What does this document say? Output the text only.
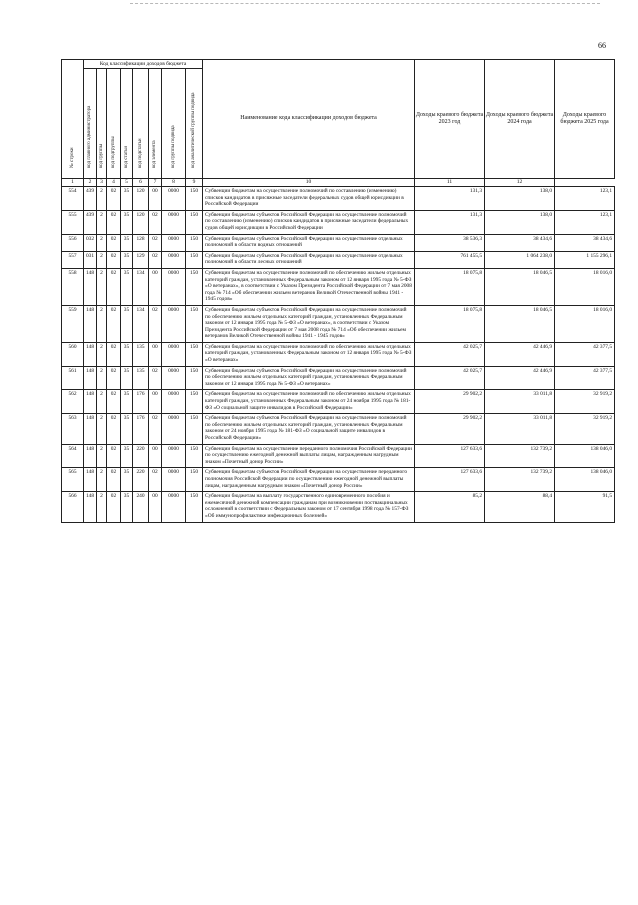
66
№ строки	Код классификации доходов бюджета								Наименование кода классификации доходов бюджета	Доходы краевого бюджета 2023 год	Доходы краевого бюджета 2024 года	Доходы краевого бюджета 2025 года

	код главного администратора	код группы	код подгруппы	код статьи	код подстатьи	код элемента	код группы подвида	код аналитической группы подвида				

1	2	3	4	5	6	7	8	9	10	11	12	
554	439	2	02	35	120	00	0000	150	Субвенции бюджетам на осуществление полномочий по составлению (изменению) списков кандидатов в присяжные заседатели федеральных судов общей юрисдикции в Российской Федерации	131,3	138,0	123,1
555	439	2	02	35	120	02	0000	150	Субвенции бюджетам субъектов Российской Федерации на осуществление полномочий по составлению (изменению) списков кандидатов в присяжные заседатели федеральных судов общей юрисдикции в Российской Федерации	131,3	138,0	123,1
556	032	2	02	35	128	02	0000	150	Субвенции бюджетам субъектов Российской Федерации на осуществление отдельных полномочий в области водных отношений	38 536,3	38 434,6	38 434,6
557	031	2	02	35	129	02	0000	150	Субвенции бюджетам субъектов Российской Федерации на осуществление отдельных полномочий в области лесных отношений	761 455,5	1 064 238,0	1 155 296,1
558	148	2	02	35	134	00	0000	150	Субвенции бюджетам на осуществление полномочий по обеспечению жильем отдельных категорий граждан, установленных Федеральным законом от 12 января 1995 года № 5-ФЗ «О ветеранах», в соответствии с Указом Президента Российской Федерации от 7 мая 2008 года № 714 «Об обеспечении жильем ветеранов Великой Отечественной войны 1941 - 1945 годов»	18 075,8	18 046,5	18 016,0
559	148	2	02	35	134	02	0000	150	Субвенции бюджетам субъектов Российской Федерации на осуществление полномочий по обеспечению жильем отдельных категорий граждан, установленных Федеральным законом от 12 января 1995 года № 5-ФЗ «О ветеранах», в соответствии с Указом Президента Российской Федерации от 7 мая 2008 года № 714 «Об обеспечении жильем ветеранов Великой Отечественной войны 1941 - 1945 годов»	18 075,8	18 046,5	18 016,0
560	148	2	02	35	135	00	0000	150	Субвенции бюджетам на осуществление полномочий по обеспечению жильем отдельных категорий граждан, установленных Федеральным законом от 12 января 1995 года № 5-ФЗ «О ветеранах»	42 025,7	42 446,9	42 377,5
561	148	2	02	35	135	02	0000	150	Субвенции бюджетам субъектов Российской Федерации на осуществление полномочий по обеспечению жильем отдельных категорий граждан, установленных Федеральным законом от 12 января 1995 года № 5-ФЗ «О ветеранах»	42 025,7	42 446,9	42 377,5
562	148	2	02	35	176	00	0000	150	Субвенции бюджетам на осуществление полномочий по обеспечению жильем отдельных категорий граждан, установленных Федеральным законом от 24 ноября 1995 года № 181-ФЗ «О социальной защите инвалидов в Российской Федерации»	29 902,2	33 011,8	32 919,2
563	148	2	02	35	176	02	0000	150	Субвенции бюджетам субъектов Российской Федерации на осуществление полномочий по обеспечению жильем отдельных категорий граждан, установленных Федеральным законом от 24 ноября 1995 года № 181-ФЗ «О социальной защите инвалидов в Российской Федерации»	29 902,2	33 011,8	32 919,2
564	148	2	02	35	220	00	0000	150	Субвенции бюджетам на осуществление переданного полномочия Российской Федерации по осуществлению ежегодной денежной выплаты лицам, награжденным нагрудным знаком «Почетный донор России»	127 633,6	132 739,2	138 046,0
565	148	2	02	35	220	02	0000	150	Субвенции бюджетам субъектов Российской Федерации на осуществление переданного полномочия Российской Федерации по осуществлению ежегодной денежной выплаты лицам, награжденным нагрудным знаком «Почетный донор России»	127 633,6	132 739,2	138 046,0
566	148	2	02	35	240	00	0000	150	Субвенции бюджетам на выплату государственного единовременного пособия и ежемесячной денежной компенсации гражданам при возникновении поствакцинальных осложнений в соответствии с Федеральным законом от 17 сентября 1998 года № 157-ФЗ «Об иммунопрофилактике инфекционных болезней»	85,2	88,4	91,5
